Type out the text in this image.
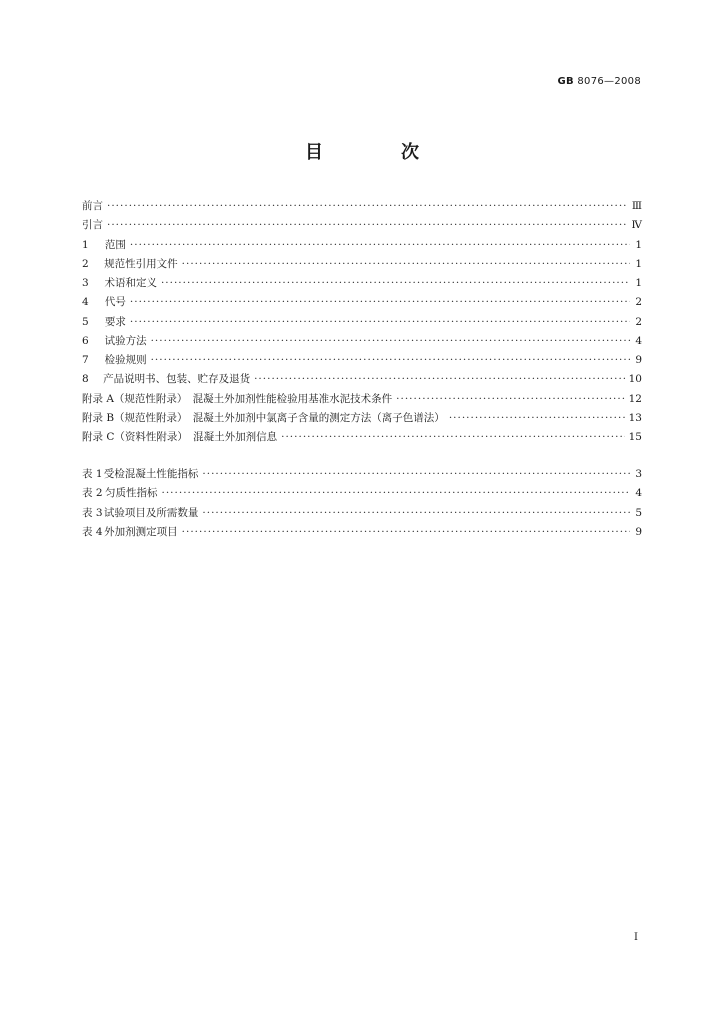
GB 8076—2008
目　次
前言 ·····	Ⅲ
引言 ·····	Ⅳ
1	范围 ·····	1
2	规范性引用文件 ·····	1
3	术语和定义 ·····	1
4	代号 ·····	2
5	要求 ·····	2
6	试验方法 ·····	4
7	检验规则 ·····	9
8	产品说明书、包装、贮存及退货 ·····	10
附录 A（规范性附录）　混凝土外加剂性能检验用基准水泥技术条件 ·····	12
附录 B（规范性附录）　混凝土外加剂中氯离子含量的测定方法（离子色谱法） ·····	13
附录 C（资料性附录）　混凝土外加剂信息 ·····	15
表 1 受检混凝土性能指标 ·····	3
表 2 匀质性指标 ·····	4
表 3 试验项目及所需数量 ·····	5
表 4 外加剂测定项目 ·····	9
Ⅰ
